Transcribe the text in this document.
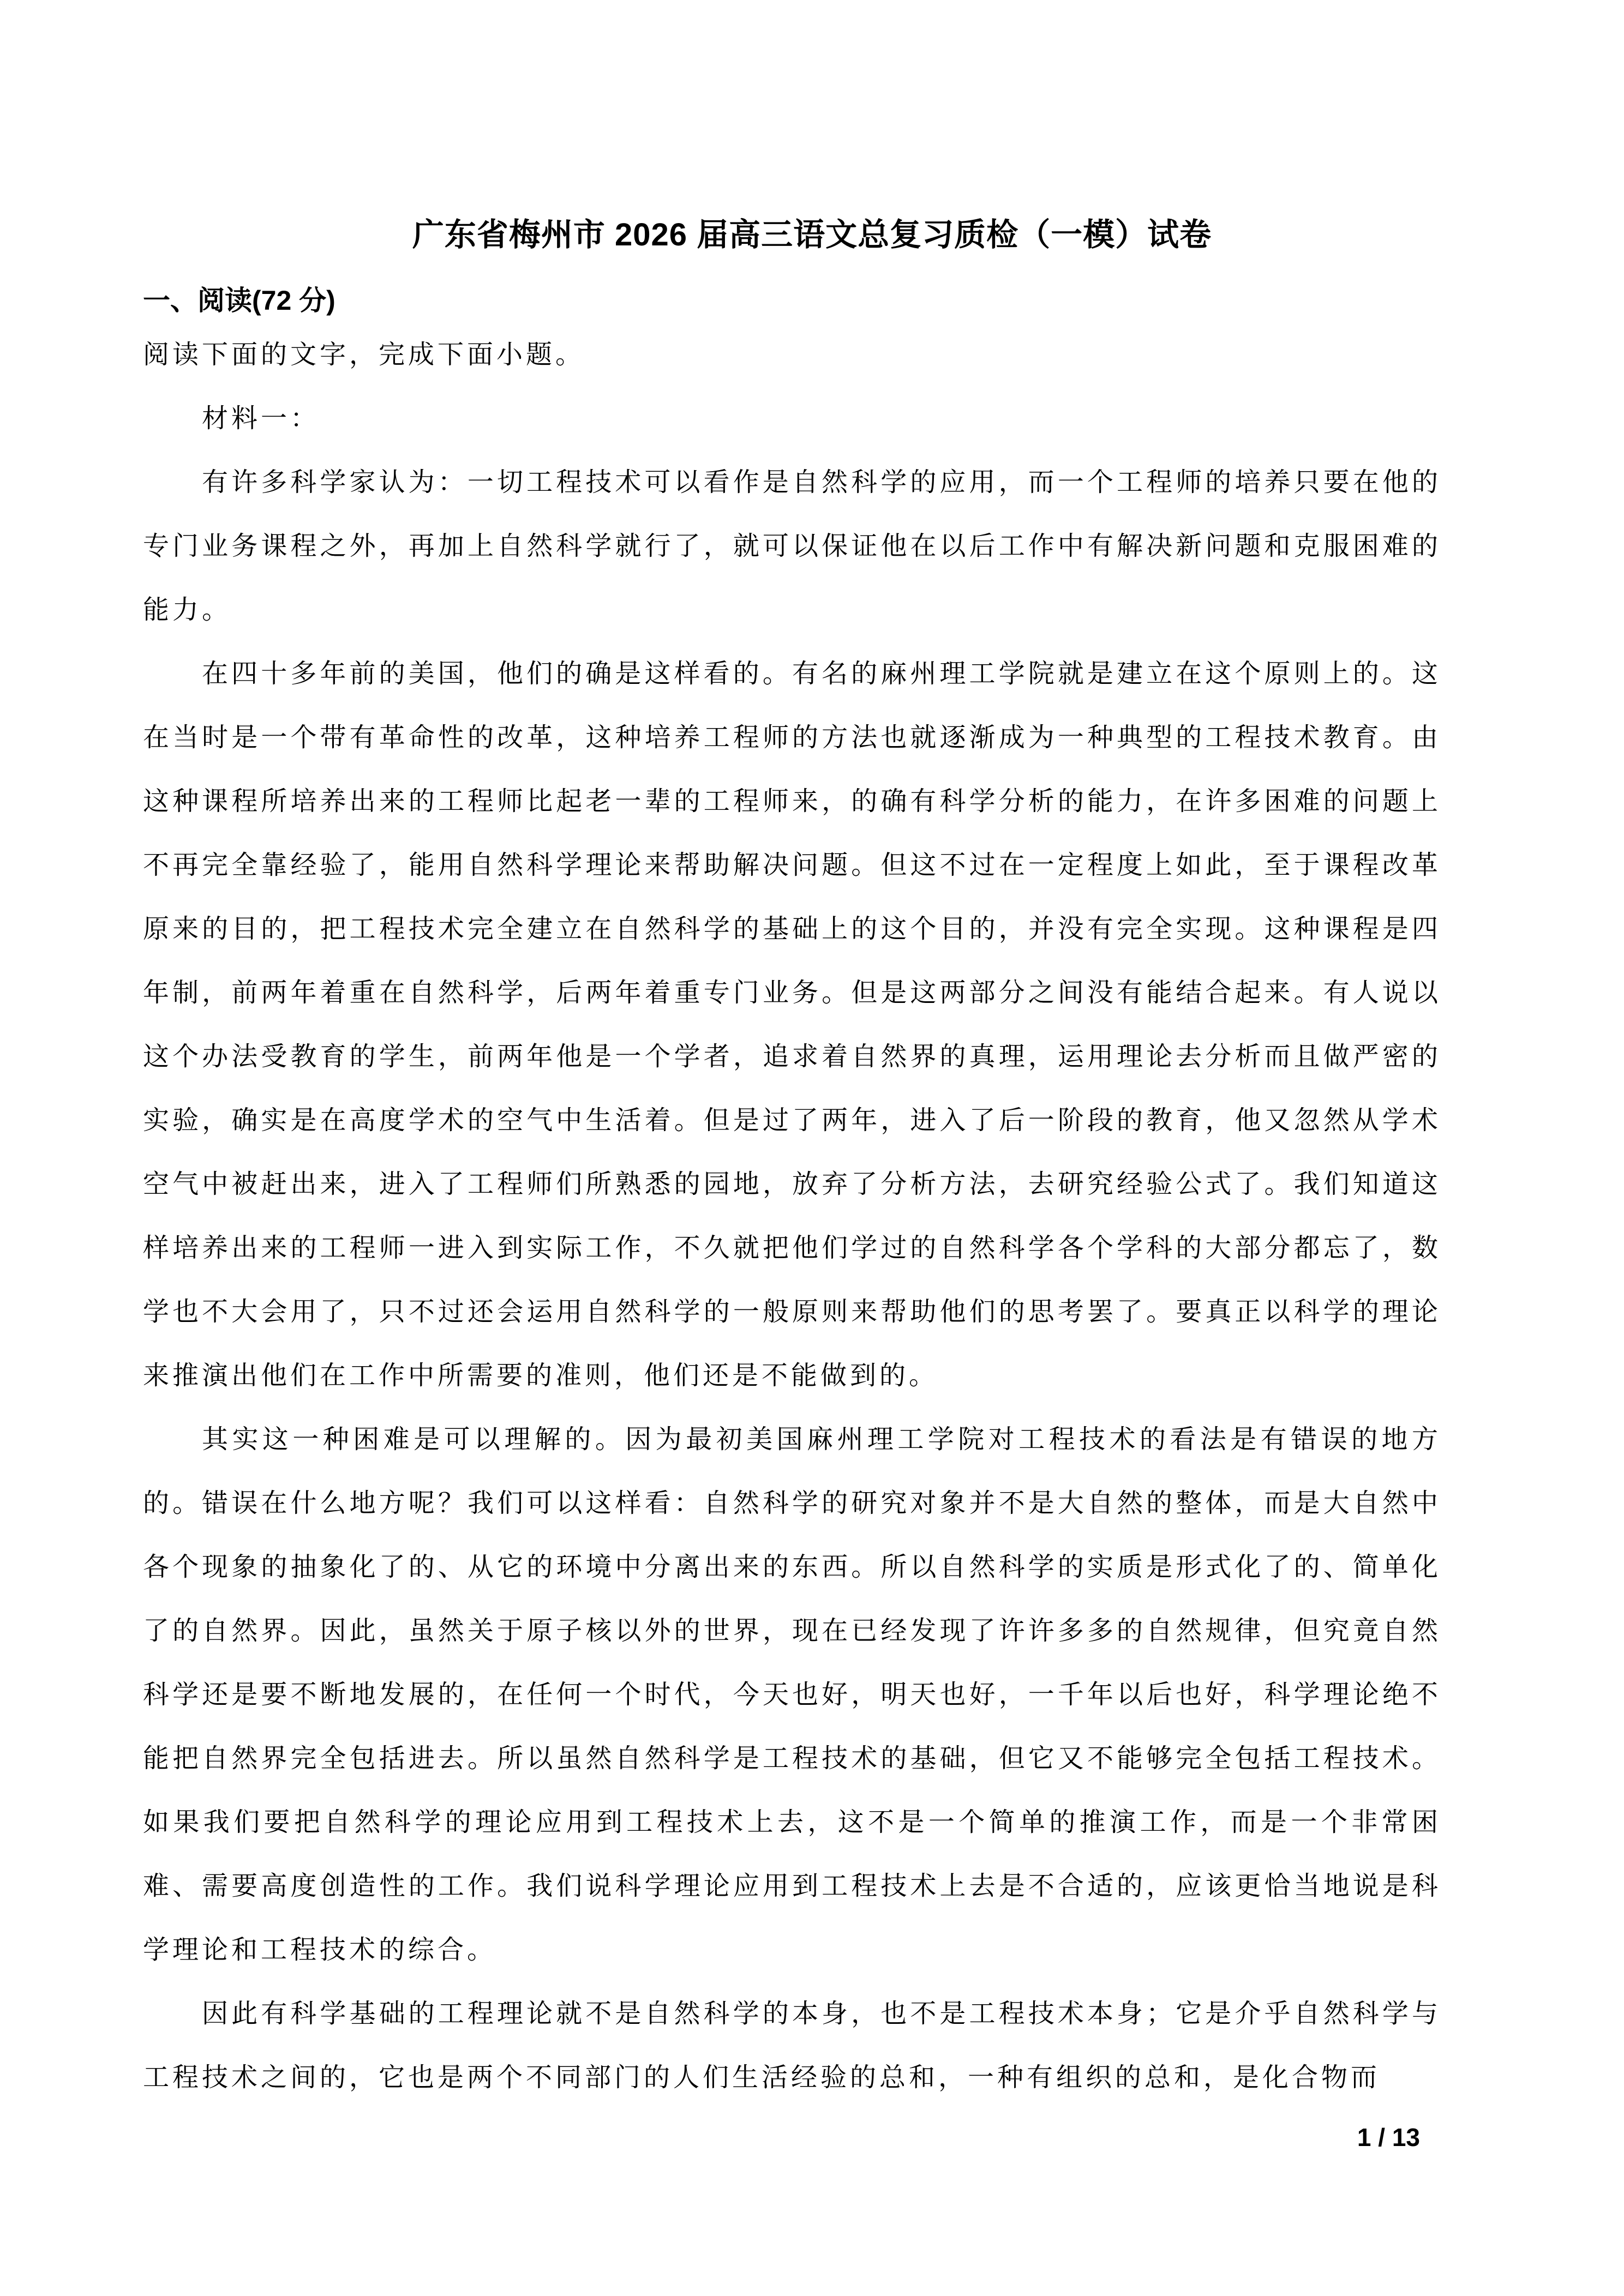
广东省梅州市 2026 届高三语文总复习质检（一模）试卷
一、阅读(72 分)

阅读下面的文字，完成下面小题。

材料一：

有许多科学家认为：一切工程技术可以看作是自然科学的应用，而一个工程师的培养只要在他的专门业务课程之外，再加上自然科学就行了，就可以保证他在以后工作中有解决新问题和克服困难的能力。

在四十多年前的美国，他们的确是这样看的。有名的麻州理工学院就是建立在这个原则上的。这在当时是一个带有革命性的改革，这种培养工程师的方法也就逐渐成为一种典型的工程技术教育。由这种课程所培养出来的工程师比起老一辈的工程师来，的确有科学分析的能力，在许多困难的问题上不再完全靠经验了，能用自然科学理论来帮助解决问题。但这不过在一定程度上如此，至于课程改革原来的目的，把工程技术完全建立在自然科学的基础上的这个目的，并没有完全实现。这种课程是四年制，前两年着重在自然科学，后两年着重专门业务。但是这两部分之间没有能结合起来。有人说以这个办法受教育的学生，前两年他是一个学者，追求着自然界的真理，运用理论去分析而且做严密的实验，确实是在高度学术的空气中生活着。但是过了两年，进入了后一阶段的教育，他又忽然从学术空气中被赶出来，进入了工程师们所熟悉的园地，放弃了分析方法，去研究经验公式了。我们知道这样培养出来的工程师一进入到实际工作，不久就把他们学过的自然科学各个学科的大部分都忘了，数学也不大会用了，只不过还会运用自然科学的一般原则来帮助他们的思考罢了。要真正以科学的理论来推演出他们在工作中所需要的准则，他们还是不能做到的。

其实这一种困难是可以理解的。因为最初美国麻州理工学院对工程技术的看法是有错误的地方的。错误在什么地方呢？我们可以这样看：自然科学的研究对象并不是大自然的整体，而是大自然中各个现象的抽象化了的、从它的环境中分离出来的东西。所以自然科学的实质是形式化了的、简单化了的自然界。因此，虽然关于原子核以外的世界，现在已经发现了许许多多的自然规律，但究竟自然科学还是要不断地发展的，在任何一个时代，今天也好，明天也好，一千年以后也好，科学理论绝不能把自然界完全包括进去。所以虽然自然科学是工程技术的基础，但它又不能够完全包括工程技术。如果我们要把自然科学的理论应用到工程技术上去，这不是一个简单的推演工作，而是一个非常困难、需要高度创造性的工作。我们说科学理论应用到工程技术上去是不合适的，应该更恰当地说是科学理论和工程技术的综合。

因此有科学基础的工程理论就不是自然科学的本身，也不是工程技术本身；它是介乎自然科学与工程技术之间的，它也是两个不同部门的人们生活经验的总和，一种有组织的总和，是化合物而

1 / 13
